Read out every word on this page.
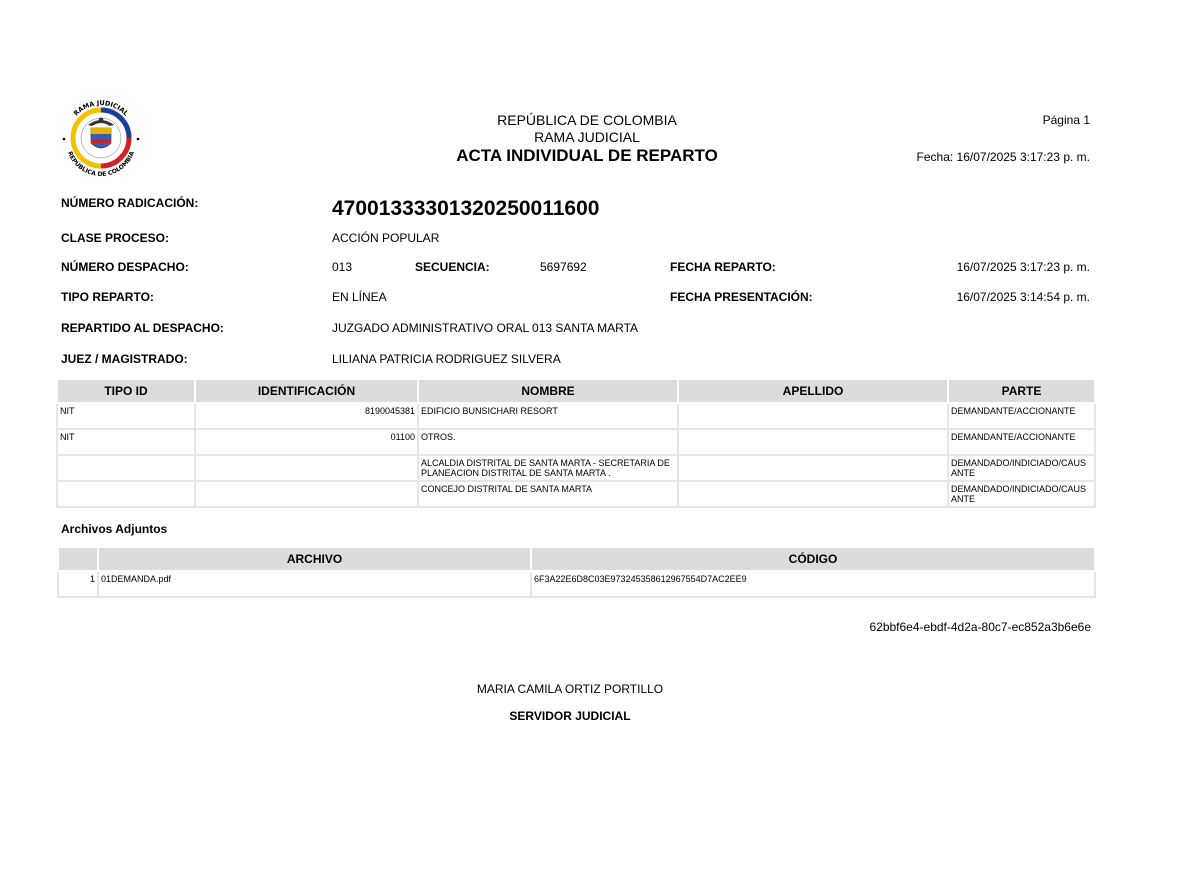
RAMA JUDICIAL
REPÚBLICA DE COLOMBIA
REPÚBLICA DE COLOMBIA
RAMA JUDICIAL
ACTA INDIVIDUAL DE REPARTO
Página 1
Fecha: 16/07/2025 3:17:23 p. m.
NÚMERO RADICACIÓN:	47001333301320250011600
CLASE PROCESO:	ACCIÓN POPULAR
NÚMERO DESPACHO:	013	SECUENCIA:	5697692	FECHA REPARTO:	16/07/2025 3:17:23 p. m.
TIPO REPARTO:	EN LÍNEA	FECHA PRESENTACIÓN:	16/07/2025 3:14:54 p. m.
REPARTIDO AL DESPACHO:	JUZGADO ADMINISTRATIVO ORAL 013 SANTA MARTA
JUEZ / MAGISTRADO:	LILIANA PATRICIA RODRIGUEZ SILVERA
TIPO ID	IDENTIFICACIÓN	NOMBRE	APELLIDO	PARTE
NIT	8190045381	EDIFICIO BUNSICHARI RESORT		DEMANDANTE/ACCIONANTE
NIT	01100	OTROS.		DEMANDANTE/ACCIONANTE
		ALCALDIA DISTRITAL DE SANTA MARTA - SECRETARIA DE PLANEACION DISTRITAL DE SANTA MARTA .		DEMANDADO/INDICIADO/CAUSANTE
		CONCEJO DISTRITAL DE SANTA MARTA		DEMANDADO/INDICIADO/CAUSANTE
Archivos Adjuntos
	ARCHIVO	CÓDIGO
1	01DEMANDA.pdf	6F3A22E6D8C03E973245358612967554D7AC2EE9
62bbf6e4-ebdf-4d2a-80c7-ec852a3b6e6e
MARIA CAMILA ORTIZ PORTILLO
SERVIDOR JUDICIAL
